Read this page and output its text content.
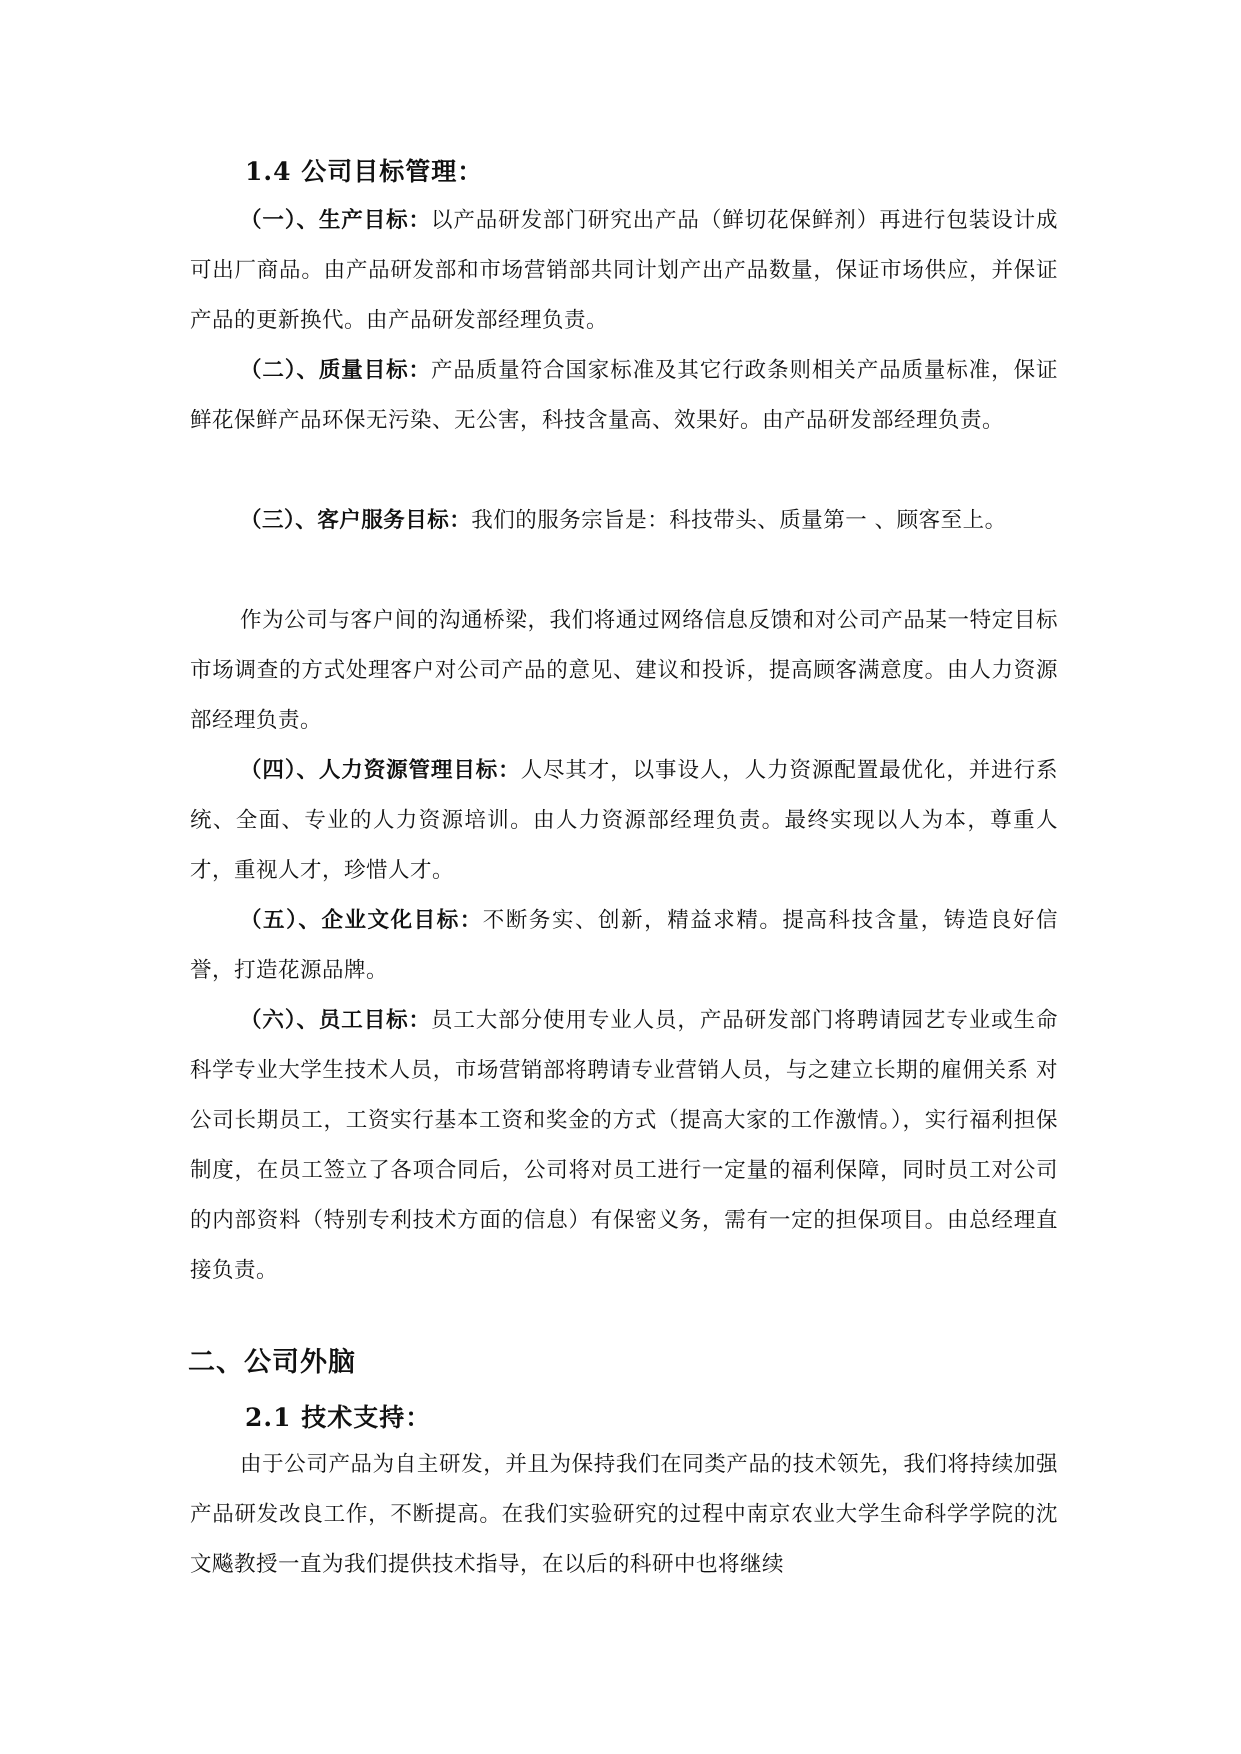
1.4 公司目标管理：
（一）、生产目标：以产品研发部门研究出产品（鲜切花保鲜剂）再进行包装设计成可出厂商品。由产品研发部和市场营销部共同计划产出产品数量，保证市场供应，并保证产品的更新换代。由产品研发部经理负责。
（二）、质量目标：产品质量符合国家标准及其它行政条则相关产品质量标准，保证鲜花保鲜产品环保无污染、无公害，科技含量高、效果好。由产品研发部经理负责。
（三）、客户服务目标：我们的服务宗旨是：科技带头、质量第一 、顾客至上。
作为公司与客户间的沟通桥梁，我们将通过网络信息反馈和对公司产品某一特定目标市场调查的方式处理客户对公司产品的意见、建议和投诉，提高顾客满意度。由人力资源部经理负责。
（四）、人力资源管理目标：人尽其才，以事设人，人力资源配置最优化，并进行系统、全面、专业的人力资源培训。由人力资源部经理负责。最终实现以人为本，尊重人才，重视人才，珍惜人才。
（五）、企业文化目标：不断务实、创新，精益求精。提高科技含量，铸造良好信誉，打造花源品牌。
（六）、员工目标：员工大部分使用专业人员，产品研发部门将聘请园艺专业或生命科学专业大学生技术人员，市场营销部将聘请专业营销人员，与之建立长期的雇佣关系 对公司长期员工，工资实行基本工资和奖金的方式（提高大家的工作激情。），实行福利担保制度，在员工签立了各项合同后，公司将对员工进行一定量的福利保障，同时员工对公司的内部资料（特别专利技术方面的信息）有保密义务，需有一定的担保项目。由总经理直接负责。
二、公司外脑
2.1 技术支持：
由于公司产品为自主研发，并且为保持我们在同类产品的技术领先，我们将持续加强产品研发改良工作，不断提高。在我们实验研究的过程中南京农业大学生命科学学院的沈文飚教授一直为我们提供技术指导，在以后的科研中也将继续
